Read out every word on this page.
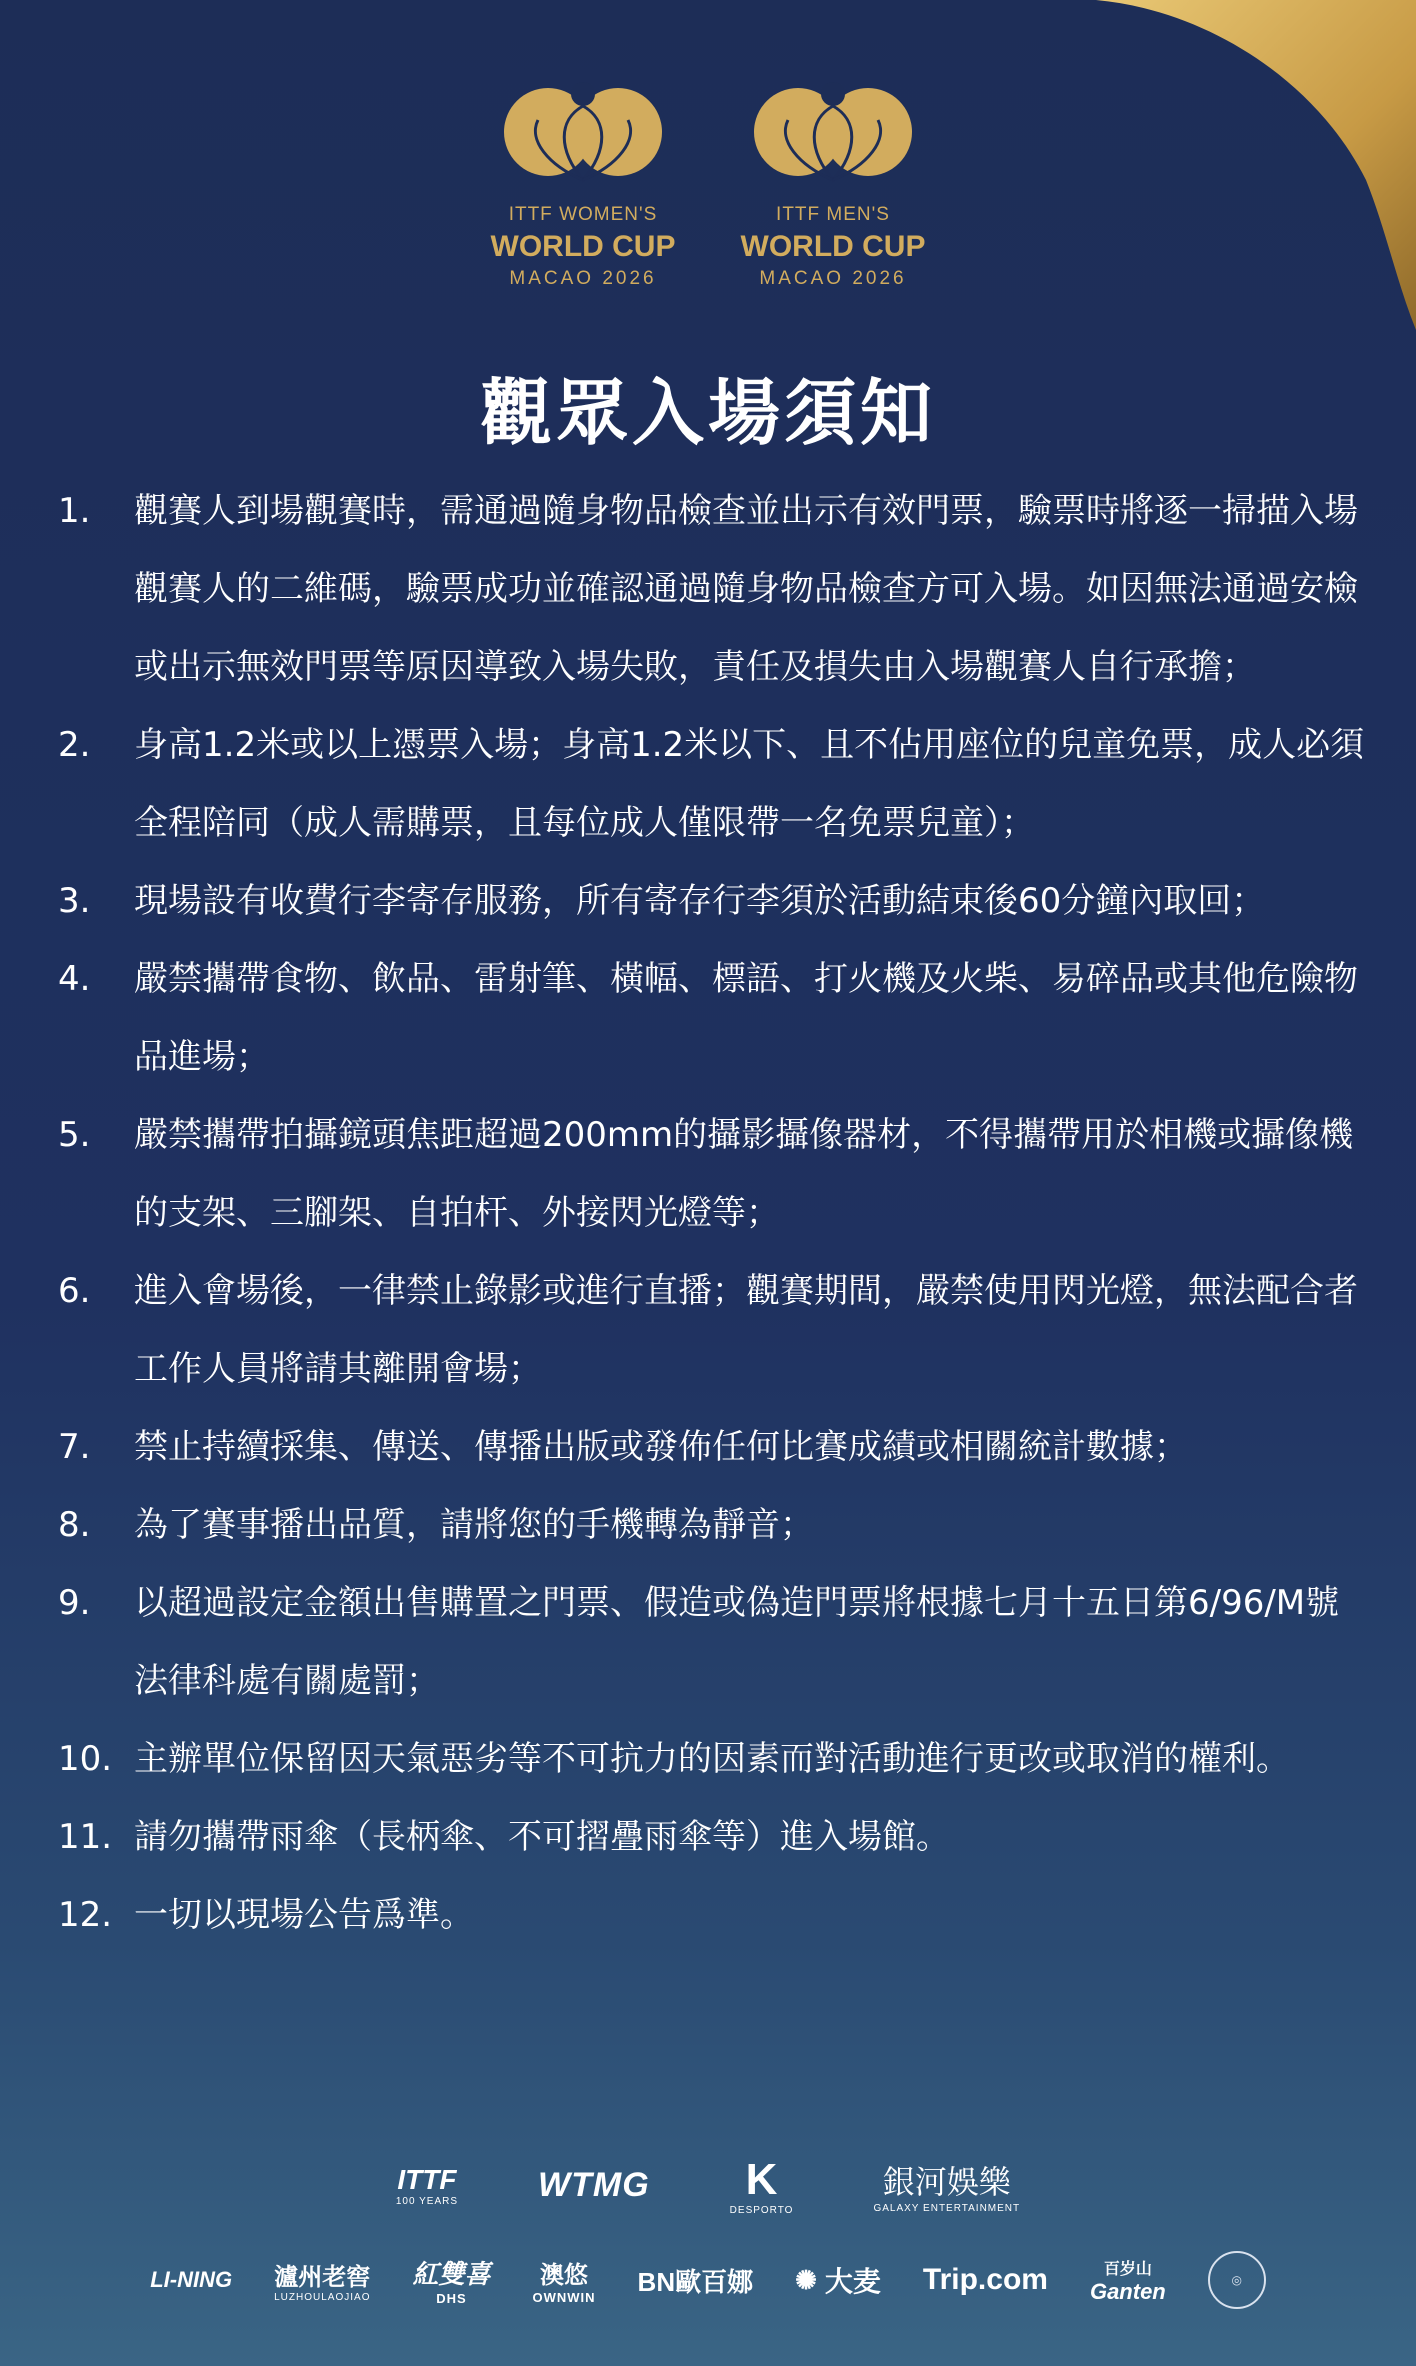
ITTF WOMEN'S
WORLD CUP
MACAO 2026
ITTF MEN'S
WORLD CUP
MACAO 2026
觀眾入場須知
1.	觀賽人到場觀賽時，需通過隨身物品檢查並出示有效門票，驗票時將逐一掃描入場觀賽人的二維碼，驗票成功並確認通過隨身物品檢查方可入場。如因無法通過安檢或出示無效門票等原因導致入場失敗，責任及損失由入場觀賽人自行承擔；
2.	身高1.2米或以上憑票入場；身高1.2米以下、且不佔用座位的兒童免票，成人必須全程陪同（成人需購票，且每位成人僅限帶一名免票兒童）；
3.	現場設有收費行李寄存服務，所有寄存行李須於活動結束後60分鐘內取回；
4.	嚴禁攜帶食物、飲品、雷射筆、橫幅、標語、打火機及火柴、易碎品或其他危險物品進場；
5.	嚴禁攜帶拍攝鏡頭焦距超過200mm的攝影攝像器材，不得攜帶用於相機或攝像機的支架、三腳架、自拍杆、外接閃光燈等；
6.	進入會場後，一律禁止錄影或進行直播；觀賽期間，嚴禁使用閃光燈，無法配合者工作人員將請其離開會場；
7.	禁止持續採集、傳送、傳播出版或發佈任何比賽成績或相關統計數據；
8.	為了賽事播出品質，請將您的手機轉為靜音；
9.	以超過設定金額出售購置之門票、假造或偽造門票將根據七月十五日第6/96/M號法律科處有關處罰；
10. 主辦單位保留因天氣惡劣等不可抗力的因素而對活動進行更改或取消的權利。
11. 請勿攜帶雨傘（長柄傘、不可摺疊雨傘等）進入場館。
12. 一切以現場公告爲準。
ITTF
100 YEARS WTMG K
DESPORTO
銀河娛樂
GALAXY ENTERTAINMENT
LI-NING 瀘州老窖
LUZHOULAOJIAO
紅雙喜
DHS
澳悠
OWNWIN
BN歐百娜 ✺ 大麦 Trip.com	百岁山
Ganten	◎
